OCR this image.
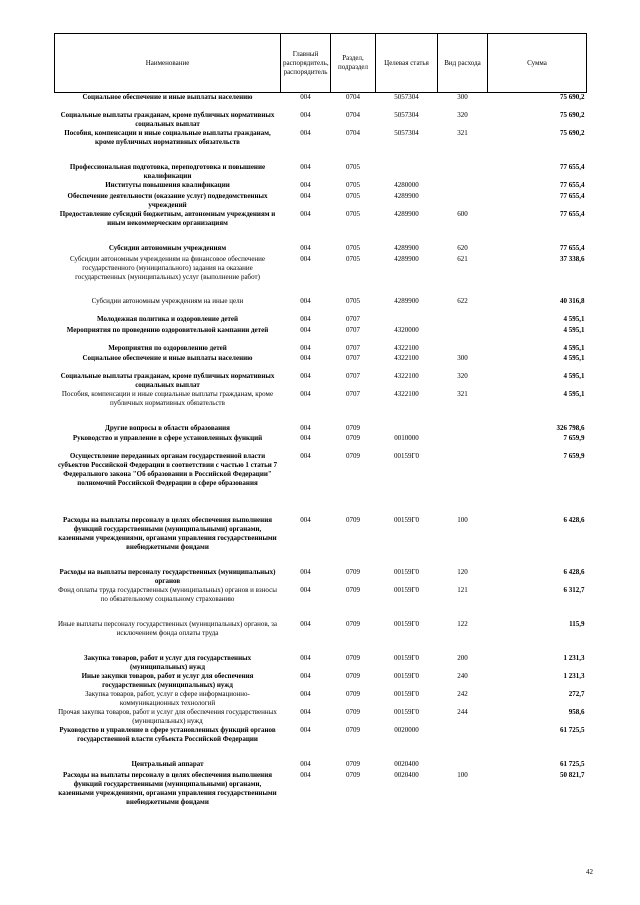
Наименование	Главный распорядитель, распорядитель	Раздел, подраздел	Целевая статья	Вид расхода	Сумма
Социальное обеспечение и иные выплаты населению	004	0704	5057304	300	75 690,2
Социальные выплаты гражданам, кроме публичных нормативных социальных выплат	004	0704	5057304	320	75 690,2
Пособия, компенсации и иные социальные выплаты гражданам, кроме публичных нормативных обязательств	004	0704	5057304	321	75 690,2
Профессиональная подготовка, переподготовка и повышение квалификации	004	0705			77 655,4
Институты повышения квалификации	004	0705	4280000		77 655,4
Обеспечение деятельности (оказание услуг) подведомственных учреждений	004	0705	4289900		77 655,4
Предоставление субсидий бюджетным, автономным учреждениям и иным некоммерческим организациям	004	0705	4289900	600	77 655,4
Субсидии автономным учреждениям	004	0705	4289900	620	77 655,4
Субсидии автономным учреждениям на финансовое обеспечение государственного (муниципального) задания на оказание государственных (муниципальных) услуг (выполнение работ)	004	0705	4289900	621	37 338,6
Субсидии автономным учреждениям на иные цели	004	0705	4289900	622	40 316,8
Молодежная политика и оздоровление детей	004	0707			4 595,1
Мероприятия по проведению оздоровительной кампании детей	004	0707	4320000		4 595,1
Мероприятия по оздоровлению детей	004	0707	4322100		4 595,1
Социальное обеспечение и иные выплаты населению	004	0707	4322100	300	4 595,1
Социальные выплаты гражданам, кроме публичных нормативных социальных выплат	004	0707	4322100	320	4 595,1
Пособия, компенсации и иные социальные выплаты гражданам, кроме публичных нормативных обязательств	004	0707	4322100	321	4 595,1
Другие вопросы в области образования	004	0709			326 798,6
Руководство и управление в сфере установленных функций	004	0709	0010000		7 659,9
Осуществление переданных органам государственной власти субъектов Российской Федерации в соответствии с частью 1 статьи 7 Федерального закона "Об образовании в Российской Федерации" полномочий Российской Федерации в сфере образования	004	0709	00159Г0		7 659,9
Расходы на выплаты персоналу в целях обеспечения выполнения функций государственными (муниципальными) органами, казенными учреждениями, органами управления государственными внебюджетными фондами	004	0709	00159Г0	100	6 428,6
Расходы на выплаты персоналу государственных (муниципальных) органов	004	0709	00159Г0	120	6 428,6
Фонд оплаты труда государственных (муниципальных) органов и взносы по обязательному социальному страхованию	004	0709	00159Г0	121	6 312,7
Иные выплаты персоналу государственных (муниципальных) органов, за исключением фонда оплаты труда	004	0709	00159Г0	122	115,9
Закупка товаров, работ и услуг для государственных (муниципальных) нужд	004	0709	00159Г0	200	1 231,3
Иные закупки товаров, работ и услуг для обеспечения государственных (муниципальных) нужд	004	0709	00159Г0	240	1 231,3
Закупка товаров, работ, услуг в сфере информационно-коммуникационных технологий	004	0709	00159Г0	242	272,7
Прочая закупка товаров, работ и услуг для обеспечения государственных (муниципальных) нужд	004	0709	00159Г0	244	958,6
Руководство и управление в сфере установленных функций органов государственной власти субъекта Российской Федерации	004	0709	0020000		61 725,5
Центральный аппарат	004	0709	0020400		61 725,5
Расходы на выплаты персоналу в целях обеспечения выполнения функций государственными (муниципальными) органами, казенными учреждениями, органами управления государственными внебюджетными фондами	004	0709	0020400	100	50 821,7
42
